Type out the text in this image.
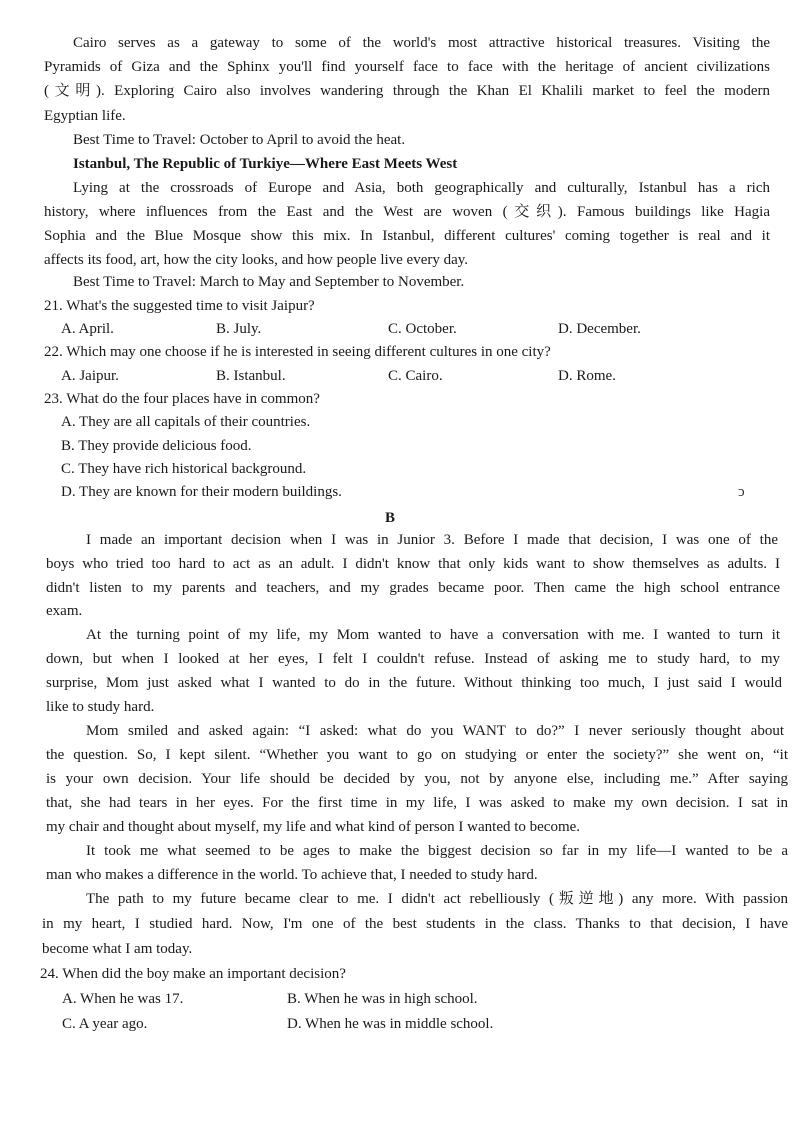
Cairo serves as a gateway to some of the world's most attractive historical treasures. Visiting the
Pyramids of Giza and the Sphinx you'll find yourself face to face with the heritage of ancient civilizations
(文明). Exploring Cairo also involves wandering through the Khan El Khalili market to feel the modern
Egyptian life.
Best Time to Travel: October to April to avoid the heat.
Istanbul, The Republic of Turkiye—Where East Meets West
Lying at the crossroads of Europe and Asia, both geographically and culturally, Istanbul has a rich
history, where influences from the East and the West are woven (交织). Famous buildings like Hagia
Sophia and the Blue Mosque show this mix. In Istanbul, different cultures' coming together is real and it
affects its food, art, how the city looks, and how people live every day.
Best Time to Travel: March to May and September to November.
21. What's the suggested time to visit Jaipur?
A. April.	B. July.	C. October.	D. December.
22. Which may one choose if he is interested in seeing different cultures in one city?
A. Jaipur.	B. Istanbul.	C. Cairo.	D. Rome.
23. What do the four places have in common?
A. They are all capitals of their countries.
B. They provide delicious food.
C. They have rich historical background.
D. They are known for their modern buildings.	ↄ
B
I made an important decision when I was in Junior 3. Before I made that decision, I was one of the
boys who tried too hard to act as an adult. I didn't know that only kids want to show themselves as adults. I
didn't listen to my parents and teachers, and my grades became poor. Then came the high school entrance
exam.
At the turning point of my life, my Mom wanted to have a conversation with me. I wanted to turn it
down, but when I looked at her eyes, I felt I couldn't refuse. Instead of asking me to study hard, to my
surprise, Mom just asked what I wanted to do in the future. Without thinking too much, I just said I would
like to study hard.
Mom smiled and asked again: “I asked: what do you WANT to do?” I never seriously thought about
the question. So, I kept silent. “Whether you want to go on studying or enter the society?” she went on, “it
is your own decision. Your life should be decided by you, not by anyone else, including me.” After saying
that, she had tears in her eyes. For the first time in my life, I was asked to make my own decision. I sat in
my chair and thought about myself, my life and what kind of person I wanted to become.
It took me what seemed to be ages to make the biggest decision so far in my life—I wanted to be a
man who makes a difference in the world. To achieve that, I needed to study hard.
The path to my future became clear to me. I didn't act rebelliously (叛逆地) any more. With passion
in my heart, I studied hard. Now, I'm one of the best students in the class. Thanks to that decision, I have
become what I am today.
24. When did the boy make an important decision?
A. When he was 17.	B. When he was in high school.
C. A year ago.	D. When he was in middle school.
